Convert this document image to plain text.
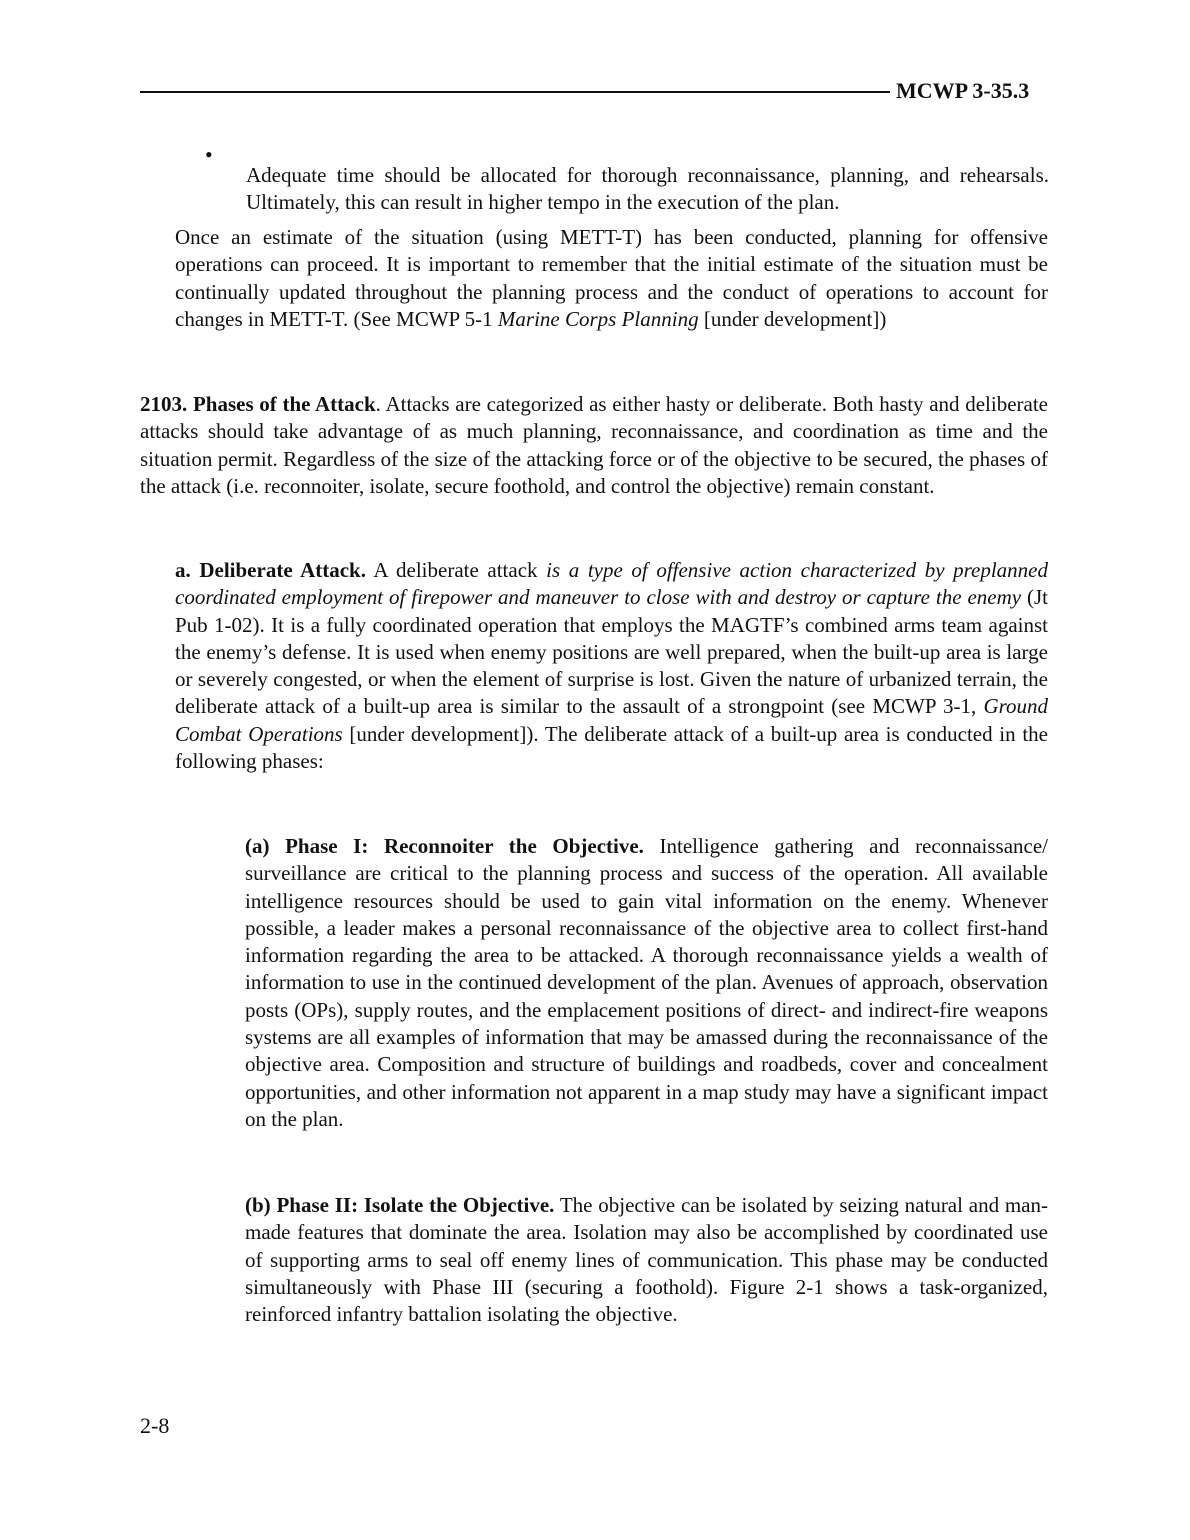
MCWP 3-35.3
•

Adequate time should be allocated for thorough reconnaissance, planning, and rehearsals. Ultimately, this can result in higher tempo in the execution of the plan.

Once an estimate of the situation (using METT-T) has been conducted, planning for offensive operations can proceed. It is important to remember that the initial estimate of the situation must be continually updated throughout the planning process and the conduct of operations to account for changes in METT-T. (See MCWP 5-1 Marine Corps Planning [under development])

2103. Phases of the Attack. Attacks are categorized as either hasty or deliberate. Both hasty and deliberate attacks should take advantage of as much planning, reconnaissance, and coordination as time and the situation permit. Regardless of the size of the attacking force or of the objective to be secured, the phases of the attack (i.e. reconnoiter, isolate, secure foothold, and control the objective) remain constant.

a. Deliberate Attack. A deliberate attack is a type of offensive action characterized by preplanned coordinated employment of firepower and maneuver to close with and destroy or capture the enemy (Jt Pub 1-02). It is a fully coordinated operation that employs the MAGTF’s combined arms team against the enemy’s defense. It is used when enemy positions are well prepared, when the built-up area is large or severely congested, or when the element of surprise is lost. Given the nature of urbanized terrain, the deliberate attack of a built-up area is similar to the assault of a strongpoint (see MCWP 3-1, Ground Combat Operations [under development]). The deliberate attack of a built-up area is conducted in the following phases:

(a) Phase I: Reconnoiter the Objective. Intelligence gathering and reconnaissance/ surveillance are critical to the planning process and success of the operation. All available intelligence resources should be used to gain vital information on the enemy. Whenever possible, a leader makes a personal reconnaissance of the objective area to collect first-hand information regarding the area to be attacked. A thorough reconnaissance yields a wealth of information to use in the continued development of the plan. Avenues of approach, observation posts (OPs), supply routes, and the emplacement positions of direct- and indirect-fire weapons systems are all examples of information that may be amassed during the reconnaissance of the objective area. Composition and structure of buildings and roadbeds, cover and concealment opportunities, and other information not apparent in a map study may have a significant impact on the plan.

(b) Phase II: Isolate the Objective. The objective can be isolated by seizing natural and man-made features that dominate the area. Isolation may also be accomplished by coordinated use of supporting arms to seal off enemy lines of communication. This phase may be conducted simultaneously with Phase III (securing a foothold). Figure 2-1 shows a task-organized, reinforced infantry battalion isolating the objective.

2-8
